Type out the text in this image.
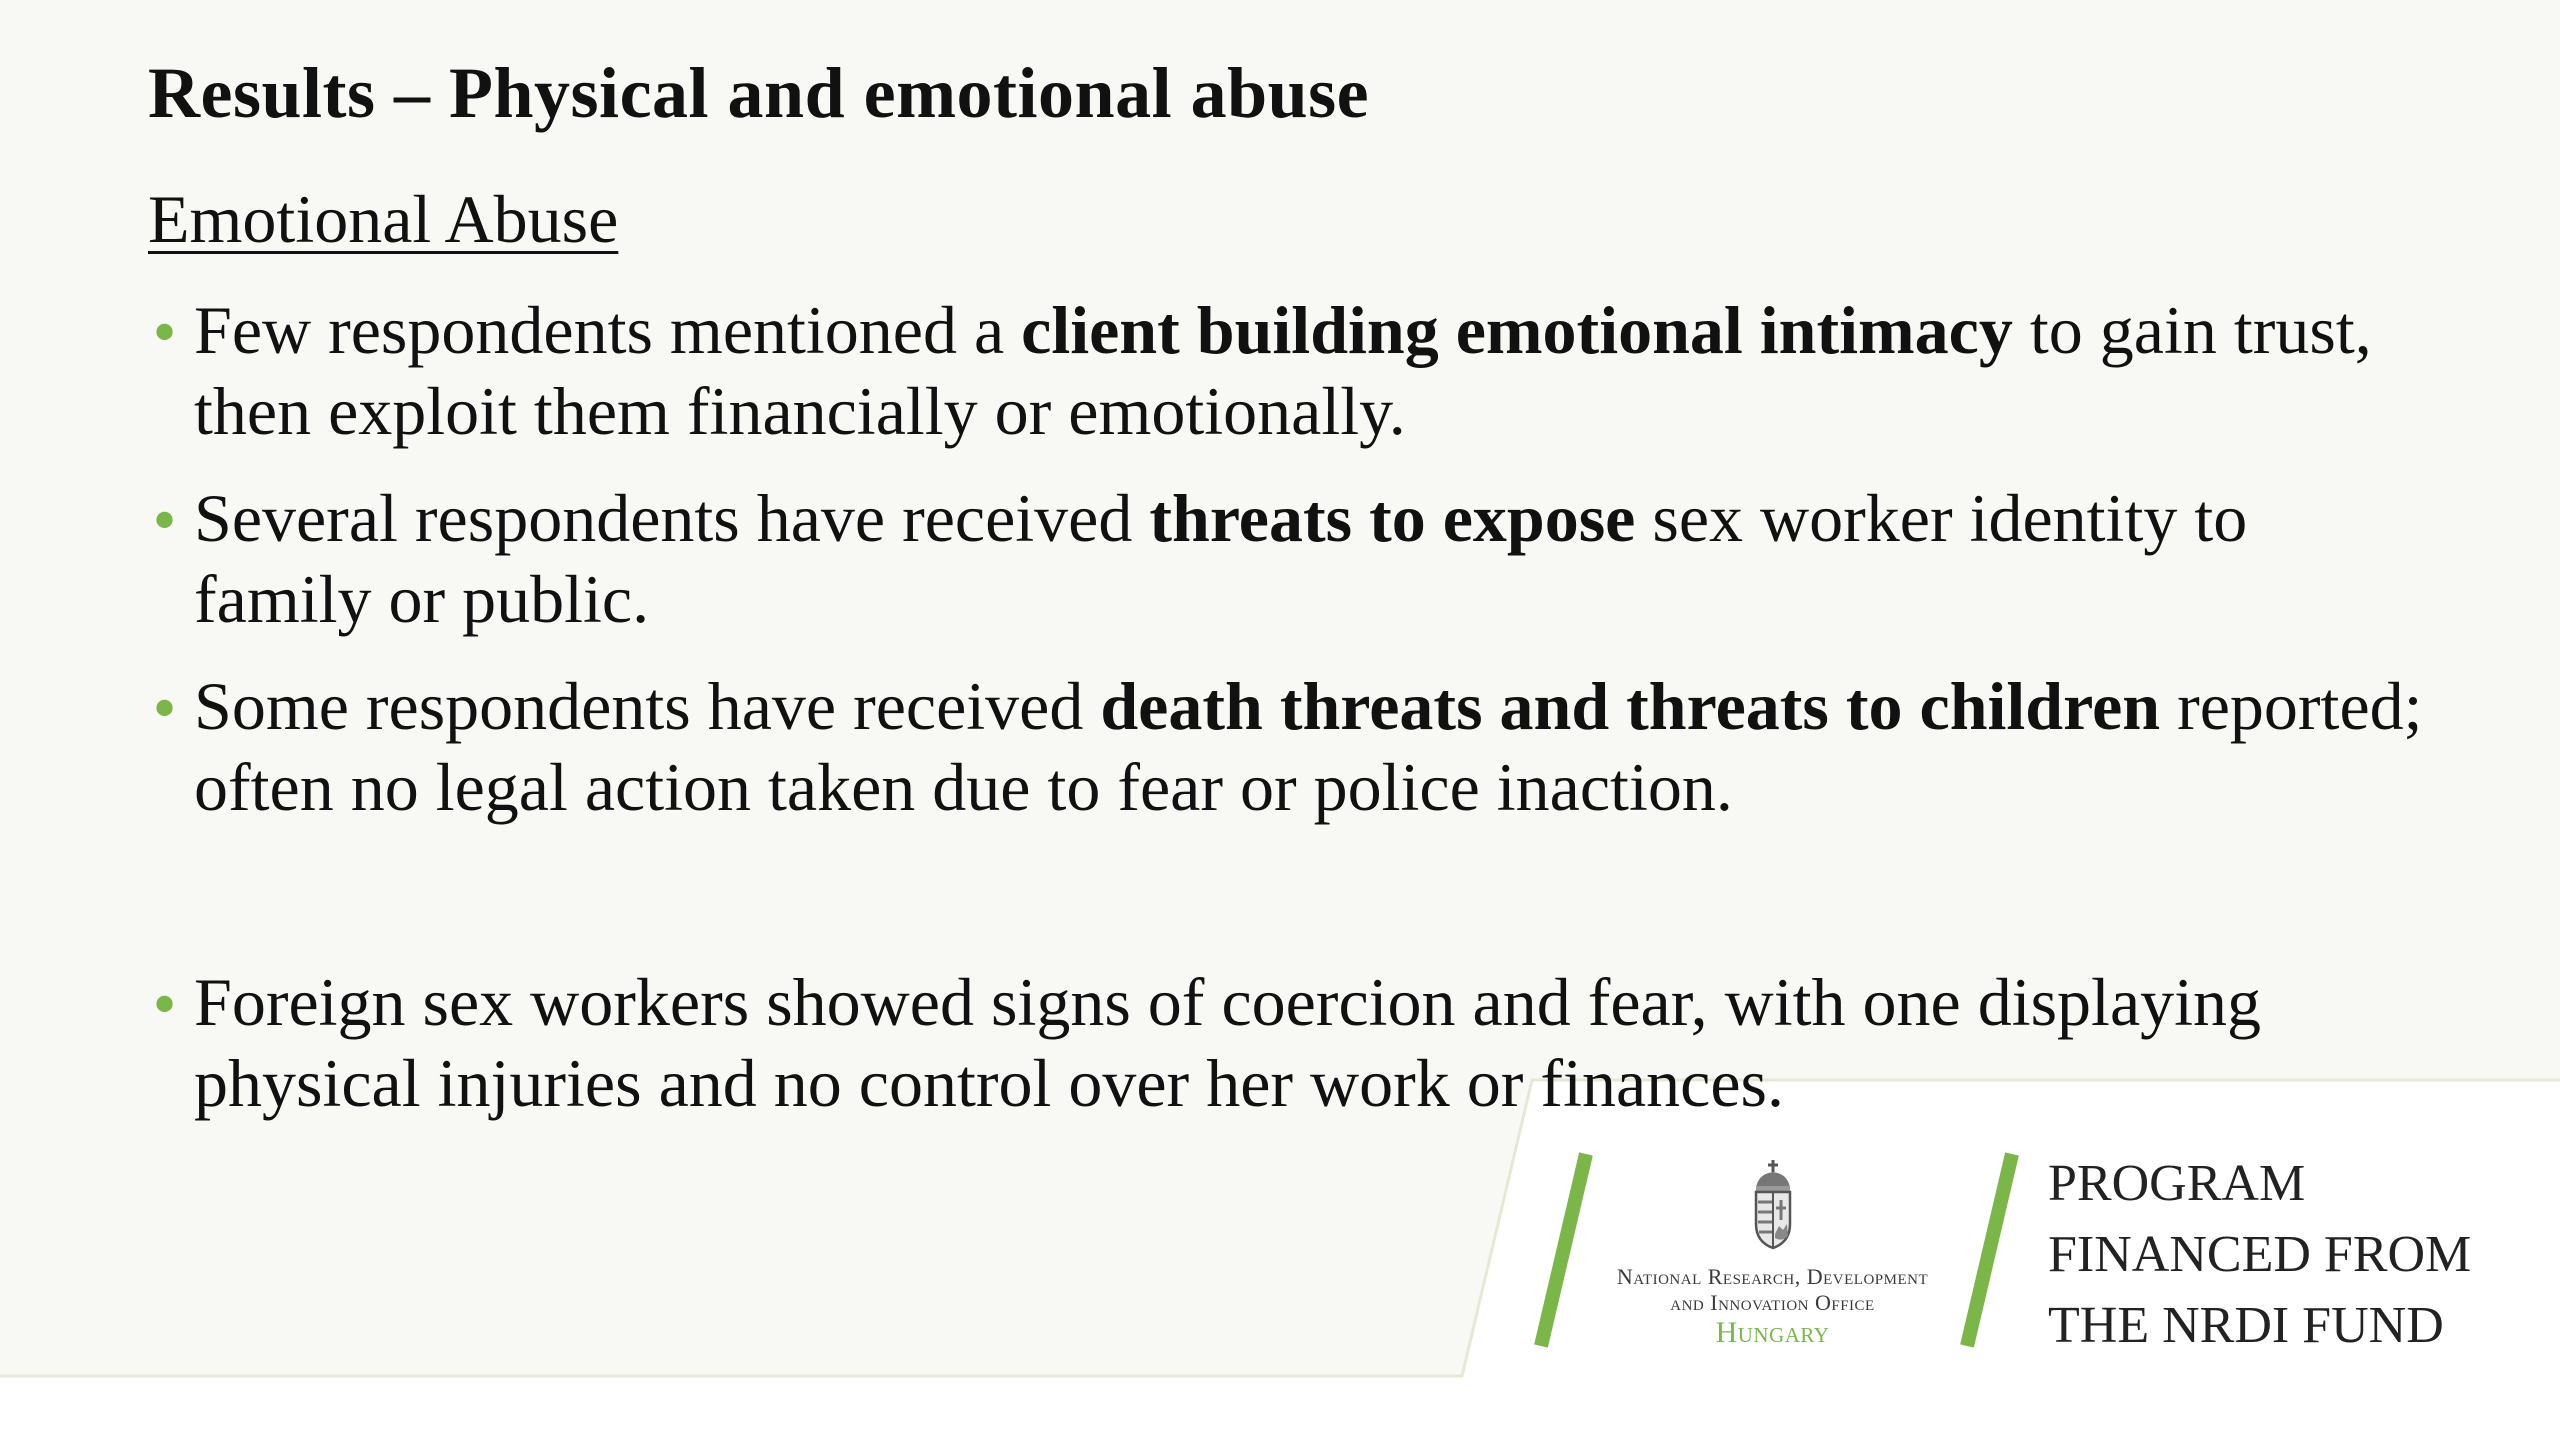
Results – Physical and emotional abuse
Emotional Abuse
• Few respondents mentioned a client building emotional intimacy to gain trust, then exploit them financially or emotionally.
• Several respondents have received threats to expose sex worker identity to family or public.
• Some respondents have received death threats and threats to children reported; often no legal action taken due to fear or police inaction.
• Foreign sex workers showed signs of coercion and fear, with one displaying physical injuries and no control over her work or finances.
National Research, Development
and Innovation Office
Hungary
PROGRAM
FINANCED FROM
THE NRDI FUND
